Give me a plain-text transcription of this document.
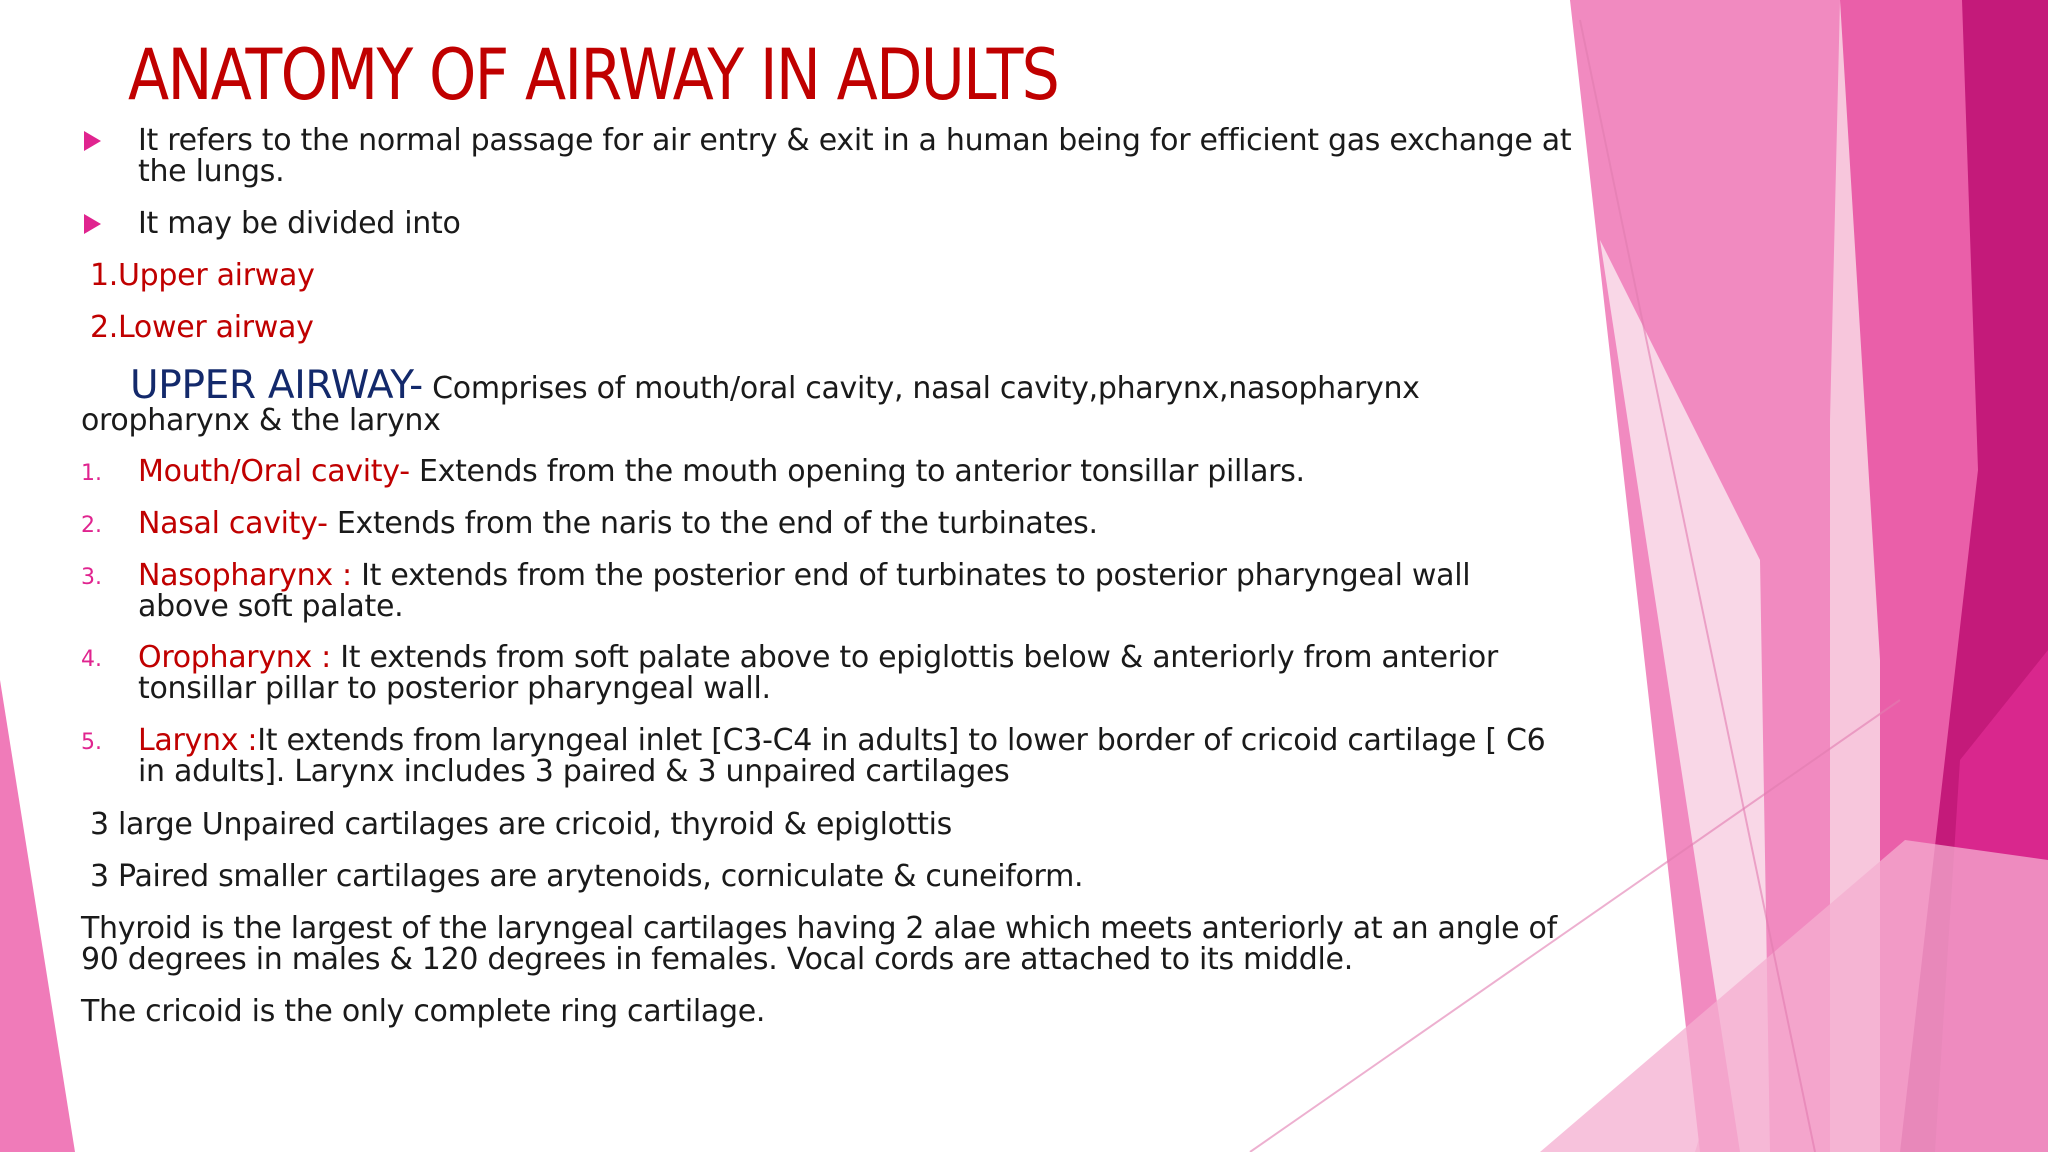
ANATOMY OF AIRWAY IN ADULTS
It refers to the normal passage for air entry & exit in a human being for efficient gas exchange at
the lungs.
It may be divided into
1.Upper airway
2.Lower airway
UPPER AIRWAY- Comprises of mouth/oral cavity, nasal cavity,pharynx,nasopharynx
oropharynx & the larynx
1. Mouth/Oral cavity- Extends from the mouth opening to anterior tonsillar pillars.
2. Nasal cavity- Extends from the naris to the end of the turbinates.
3. Nasopharynx : It extends from the posterior end of turbinates to posterior pharyngeal wall
above soft palate.
4. Oropharynx : It extends from soft palate above to epiglottis below & anteriorly from anterior
tonsillar pillar to posterior pharyngeal wall.
5. Larynx :It extends from laryngeal inlet [C3-C4 in adults] to lower border of cricoid cartilage [ C6
in adults]. Larynx includes 3 paired & 3 unpaired cartilages
3 large Unpaired cartilages are cricoid, thyroid & epiglottis
3 Paired smaller cartilages are arytenoids, corniculate & cuneiform.
Thyroid is the largest of the laryngeal cartilages having 2 alae which meets anteriorly at an angle of
90 degrees in males & 120 degrees in females. Vocal cords are attached to its middle.
The cricoid is the only complete ring cartilage.
